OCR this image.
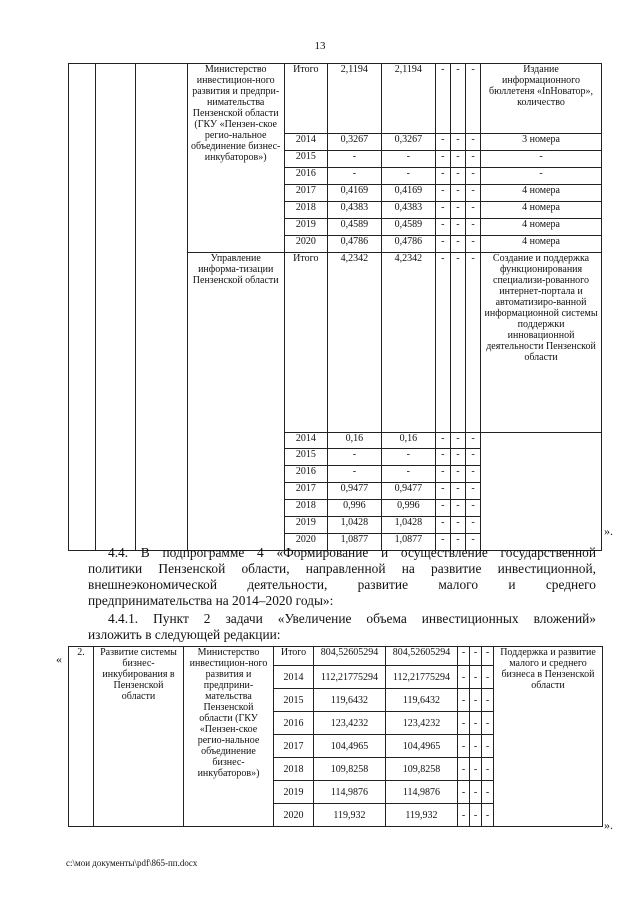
13
			Министерство инвестицион-ного развития и предпри-нимательства Пензенской области (ГКУ «Пензен-ское регио-нальное объединение бизнес-инкубаторов»)	Итого	2,1194	2,1194	-	-	-	Издание информационного бюллетеня «InНоватор», количество
				2014	0,3267	0,3267	-	-	-	3 номера
				2015	-	-	-	-	-	-
				2016	-	-	-	-	-	-
				2017	0,4169	0,4169	-	-	-	4 номера
				2018	0,4383	0,4383	-	-	-	4 номера
				2019	0,4589	0,4589	-	-	-	4 номера
				2020	0,4786	0,4786	-	-	-	4 номера
			Управление информа-тизации Пензенской области	Итого	4,2342	4,2342	-	-	-	Создание и поддержка функционирования специализи-рованного интернет-портала и автоматизиро-ванной информационной системы поддержки инновационной деятельности Пензенской области
				2014	0,16	0,16	-	-	-	
				2015	-	-	-	-	-	
				2016	-	-	-	-	-	
				2017	0,9477	0,9477	-	-	-	
				2018	0,996	0,996	-	-	-	
				2019	1,0428	1,0428	-	-	-	
				2020	1,0877	1,0877	-	-	-	
».
4.4. В подпрограмме 4 «Формирование и осуществление государственной
политики Пензенской области, направленной на развитие инвестиционной,
внешнеэкономической деятельности, развитие малого и среднего
предпринимательства на 2014–2020 годы»:
4.4.1. Пункт 2 задачи «Увеличение объема инвестиционных вложений»
изложить в следующей редакции:
« 2.	Развитие системы бизнес-инкубирования в Пензенской области	Министерство инвестицион-ного развития и предприни-мательства Пензенской области (ГКУ «Пензен-ское регио-нальное объединение бизнес-инкубаторов»)	Итого	804,52605294	804,52605294	-	-	-	Поддержка и развитие малого и среднего бизнеса в Пензенской области
			2014	112,21775294	112,21775294	-	-	-	
			2015	119,6432	119,6432	-	-	-	
			2016	123,4232	123,4232	-	-	-	
			2017	104,4965	104,4965	-	-	-	
			2018	109,8258	109,8258	-	-	-	
			2019	114,9876	114,9876	-	-	-	
			2020	119,932	119,932	-	-	-	
».
c:\мои документы\pdf\865-пп.docx
